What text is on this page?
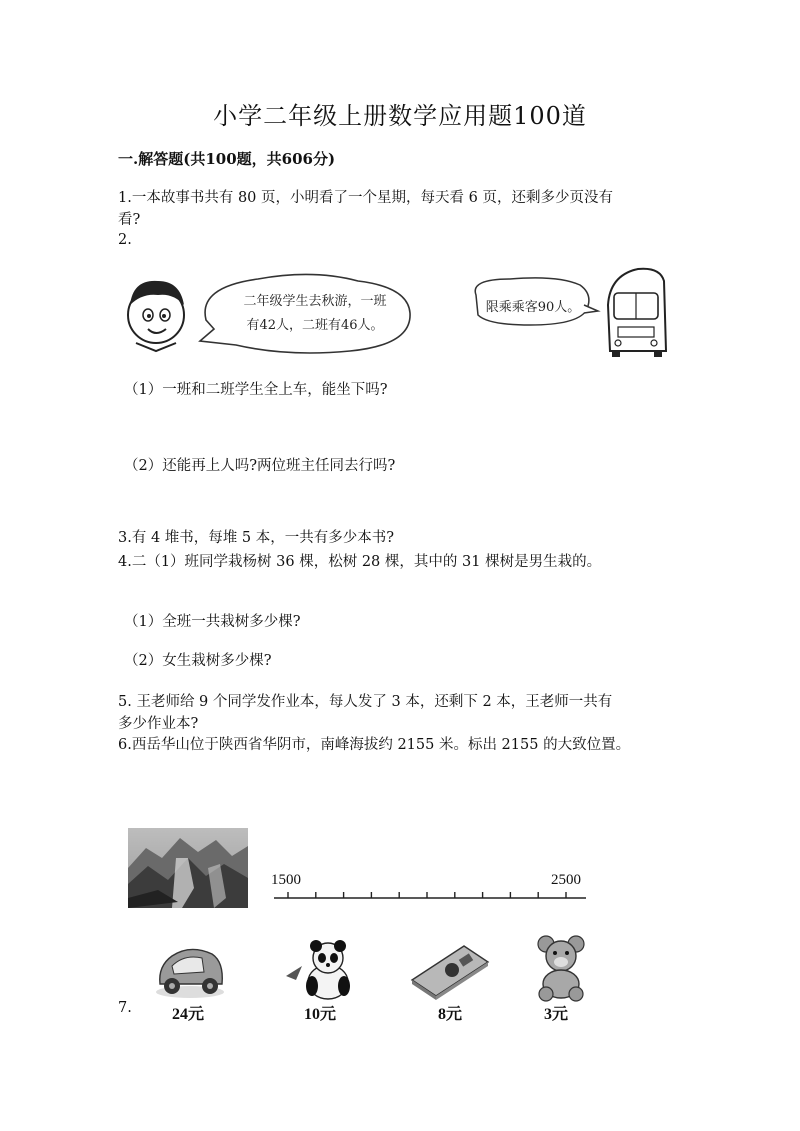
小学二年级上册数学应用题100道
一.解答题(共100题，共606分)
1.一本故事书共有 80 页，小明看了一个星期，每天看 6 页，还剩多少页没有
看?
2.
二年级学生去秋游，一班
有42人，二班有46人。
限乘乘客90人。
（1）一班和二班学生全上车，能坐下吗?
（2）还能再上人吗?两位班主任同去行吗?
3.有 4 堆书，每堆 5 本，一共有多少本书?
4.二（1）班同学栽杨树 36 棵，松树 28 棵，其中的 31 棵树是男生栽的。
（1）全班一共栽树多少棵?
（2）女生栽树多少棵?
5. 王老师给 9 个同学发作业本，每人发了 3 本，还剩下 2 本，王老师一共有
多少作业本?
6.西岳华山位于陕西省华阴市，南峰海拔约 2155 米。标出 2155 的大致位置。
1500	2500
7.	24元	10元	8元	3元
